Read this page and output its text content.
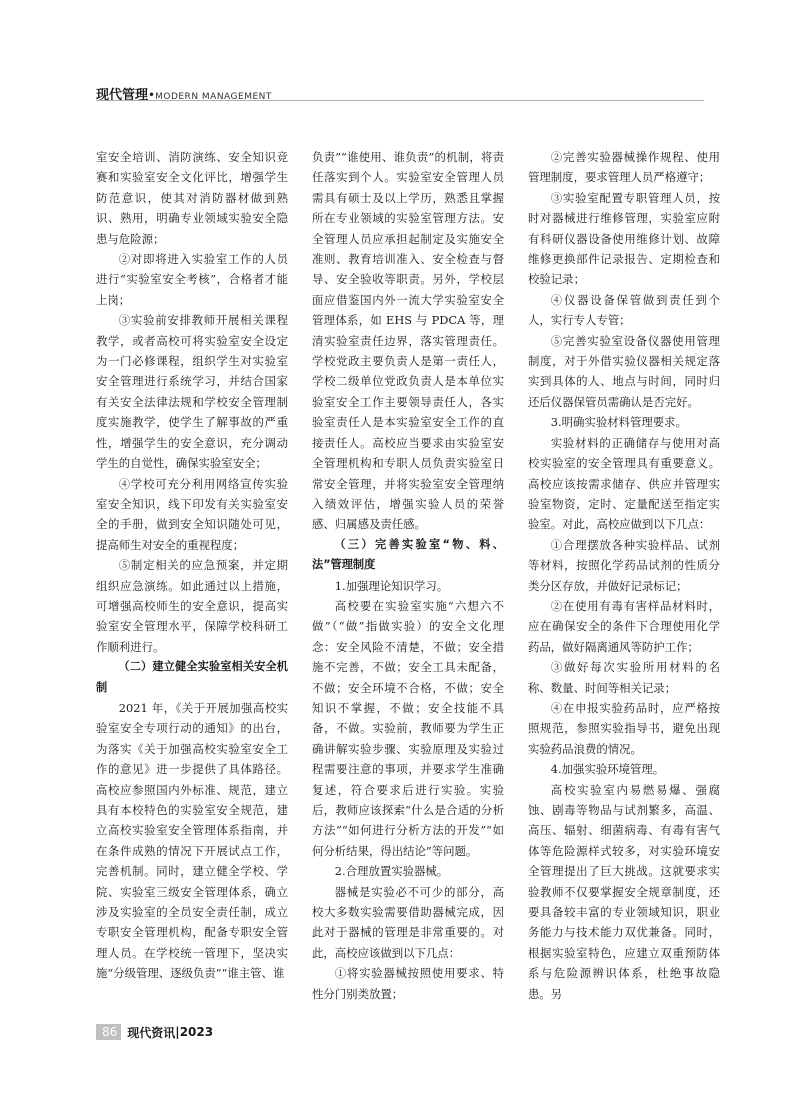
现代管理•MODERN MANAGEMENT

室安全培训、消防演练、安全知识竞赛和实验室安全文化评比，增强学生防范意识，使其对消防器材做到熟识、熟用，明确专业领域实验安全隐患与危险源；

②对即将进入实验室工作的人员进行“实验室安全考核”，合格者才能上岗；

③实验前安排教师开展相关课程教学，或者高校可将实验室安全设定为一门必修课程，组织学生对实验室安全管理进行系统学习，并结合国家有关安全法律法规和学校安全管理制度实施教学，使学生了解事故的严重性，增强学生的安全意识，充分调动学生的自觉性，确保实验室安全；

④学校可充分利用网络宣传实验室安全知识，线下印发有关实验室安全的手册，做到安全知识随处可见，提高师生对安全的重视程度；

⑤制定相关的应急预案，并定期组织应急演练。如此通过以上措施，可增强高校师生的安全意识，提高实验室安全管理水平，保障学校科研工作顺利进行。

（二）建立健全实验室相关安全机制

2021 年，《关于开展加强高校实验室安全专项行动的通知》的出台，为落实《关于加强高校实验室安全工作的意见》进一步提供了具体路径。高校应参照国内外标准、规范，建立具有本校特色的实验室安全规范，建立高校实验室安全管理体系指南，并在条件成熟的情况下开展试点工作，完善机制。同时，建立健全学校、学院、实验室三级安全管理体系，确立涉及实验室的全员安全责任制，成立专职安全管理机构，配备专职安全管理人员。在学校统一管理下，坚决实施“分级管理、逐级负责”“谁主管、谁

负责”“谁使用、谁负责”的机制，将责任落实到个人。实验室安全管理人员需具有硕士及以上学历，熟悉且掌握所在专业领域的实验室管理方法。安全管理人员应承担起制定及实施安全准则、教育培训准入、安全检查与督导、安全验收等职责。另外，学校层面应借鉴国内外一流大学实验室安全管理体系，如 EHS 与 PDCA 等，理清实验室责任边界，落实管理责任。学校党政主要负责人是第一责任人，学校二级单位党政负责人是本单位实验室安全工作主要领导责任人，各实验室责任人是本实验室安全工作的直接责任人。高校应当要求由实验室安全管理机构和专职人员负责实验室日常安全管理，并将实验室安全管理纳入绩效评估，增强实验人员的荣誉感、归属感及责任感。

（三）完善实验室“物、料、法”管理制度

1.加强理论知识学习。

高校要在实验室实施“六想六不做”（“做”指做实验）的安全文化理念：安全风险不清楚，不做；安全措施不完善，不做；安全工具未配备，不做；安全环境不合格，不做；安全知识不掌握，不做；安全技能不具备，不做。实验前，教师要为学生正确讲解实验步骤、实验原理及实验过程需要注意的事项，并要求学生准确复述，符合要求后进行实验。实验后，教师应该探索“什么是合适的分析方法”“如何进行分析方法的开发”“如何分析结果，得出结论”等问题。

2.合理放置实验器械。

器械是实验必不可少的部分，高校大多数实验需要借助器械完成，因此对于器械的管理是非常重要的。对此，高校应该做到以下几点：

①将实验器械按照使用要求、特性分门别类放置；

②完善实验器械操作规程、使用管理制度，要求管理人员严格遵守；

③实验室配置专职管理人员，按时对器械进行维修管理，实验室应附有科研仪器设备使用维修计划、故障维修更换部件记录报告、定期检查和校验记录；

④仪器设备保管做到责任到个人，实行专人专管；

⑤完善实验室设备仪器使用管理制度，对于外借实验仪器相关规定落实到具体的人、地点与时间，同时归还后仪器保管员需确认是否完好。

3.明确实验材料管理要求。

实验材料的正确储存与使用对高校实验室的安全管理具有重要意义。高校应该按需求储存、供应并管理实验室物资，定时、定量配送至指定实验室。对此，高校应做到以下几点：

①合理摆放各种实验样品、试剂等材料，按照化学药品试剂的性质分类分区存放，并做好记录标记；

②在使用有毒有害样品材料时，应在确保安全的条件下合理使用化学药品，做好隔离通风等防护工作；

③做好每次实验所用材料的名称、数量、时间等相关记录；

④在申报实验药品时，应严格按照规范，参照实验指导书，避免出现实验药品浪费的情况。

4.加强实验环境管理。

高校实验室内易燃易爆、强腐蚀、剧毒等物品与试剂繁多，高温、高压、辐射、细菌病毒、有毒有害气体等危险源样式较多，对实验环境安全管理提出了巨大挑战。这就要求实验教师不仅要掌握安全规章制度，还要具备较丰富的专业领域知识，职业务能力与技术能力双优兼备。同时，根据实验室特色，应建立双重预防体系与危险源辨识体系，杜绝事故隐患。另

86 现代资讯 | 2023
